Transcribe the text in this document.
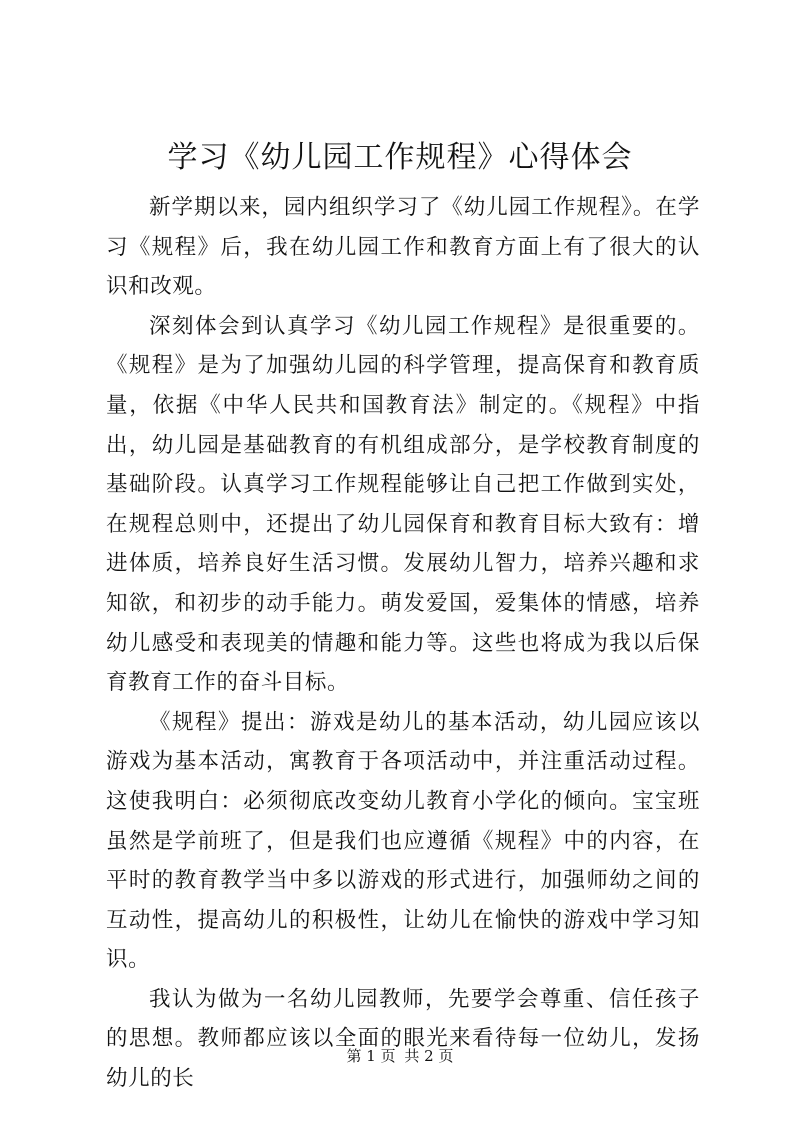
学习《幼儿园工作规程》心得体会

新学期以来，园内组织学习了《幼儿园工作规程》。在学习《规程》后，我在幼儿园工作和教育方面上有了很大的认识和改观。

深刻体会到认真学习《幼儿园工作规程》是很重要的。《规程》是为了加强幼儿园的科学管理，提高保育和教育质量，依据《中华人民共和国教育法》制定的。《规程》中指出，幼儿园是基础教育的有机组成部分，是学校教育制度的基础阶段。认真学习工作规程能够让自己把工作做到实处，在规程总则中，还提出了幼儿园保育和教育目标大致有：增进体质，培养良好生活习惯。发展幼儿智力，培养兴趣和求知欲，和初步的动手能力。萌发爱国，爱集体的情感，培养幼儿感受和表现美的情趣和能力等。这些也将成为我以后保育教育工作的奋斗目标。

《规程》提出：游戏是幼儿的基本活动，幼儿园应该以游戏为基本活动，寓教育于各项活动中，并注重活动过程。这使我明白：必须彻底改变幼儿教育小学化的倾向。宝宝班虽然是学前班了，但是我们也应遵循《规程》中的内容，在平时的教育教学当中多以游戏的形式进行，加强师幼之间的互动性，提高幼儿的积极性，让幼儿在愉快的游戏中学习知识。

我认为做为一名幼儿园教师，先要学会尊重、信任孩子的思想。教师都应该以全面的眼光来看待每一位幼儿，发扬幼儿的长

第 1 页 共 2 页
